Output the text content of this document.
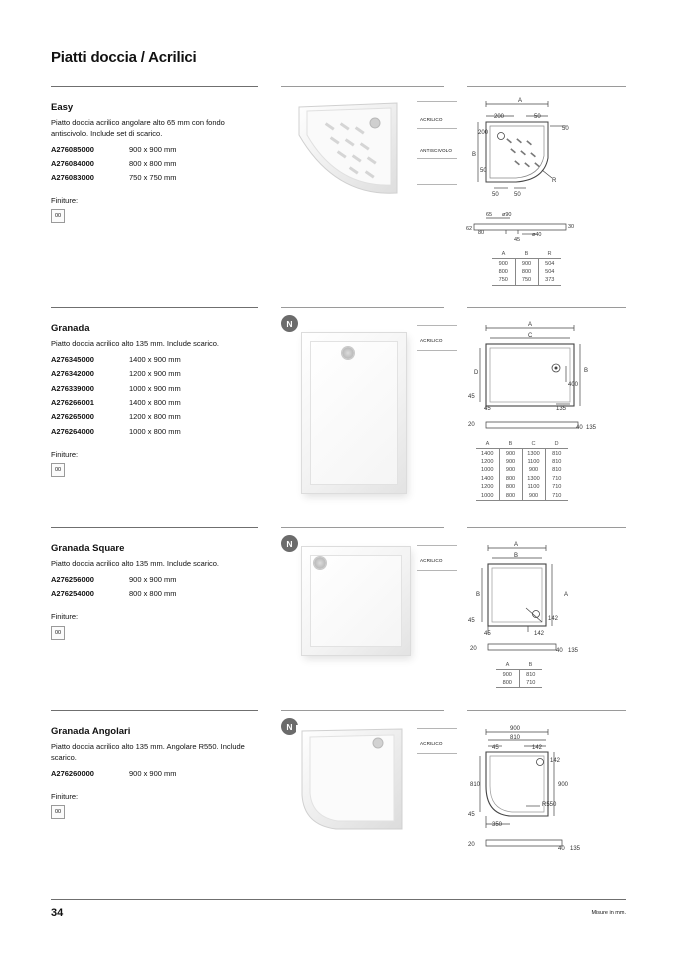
Piatti doccia / Acrilici
Easy
Piatto doccia acrilico angolare alto 65 mm con fondo antiscivolo. Include set di scarico.
A276085000	900 x 900 mm
A276084000	800 x 800 mm
A276083000	750 x 750 mm
Finiture:
00
ACRILICO
ANTISCIVOLO
A
200	50
50
200
B
50
50	50
R
65 ø90
62
80
30
ø40
45
A	B	R
900	900	504
800	800	504
750	750	373
Granada
Piatto doccia acrilico alto 135 mm. Include scarico.
A276345000	1400 x 900 mm
A276342000	1200 x 900 mm
A276339000	1000 x 900 mm
A276266001	1400 x 800 mm
A276265000	1200 x 800 mm
A276264000	1000 x 800 mm
Finiture:
00
N
ACRILICO
A
C
D	B
400
45
45	135
20	40 135
A	B	C	D
1400	900	1300	810
1200	900	1100	810
1000	900	900	810
1400	800	1300	710
1200	800	1100	710
1000	800	900	710
Granada Square
Piatto doccia acrilico alto 135 mm. Include scarico.
A276256000	900 x 900 mm
A276254000	800 x 800 mm
Finiture:
00
N
ACRILICO
A
B
B	A
142
45
45	142
20	40 135
A	B
900	810
800	710
Granada Angolari
Piatto doccia acrilico alto 135 mm. Angolare R550. Include scarico.
A276260000	900 x 900 mm
Finiture:
00
N
ACRILICO
900
810
45	142
142
810	900
R550
45
350
20
40 135
34	Misure in mm.
